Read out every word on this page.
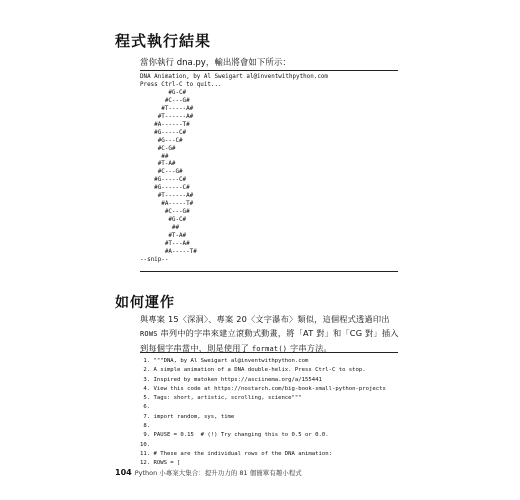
程式執行結果
當你執行 dna.py，輸出將會如下所示：
DNA Animation, by Al Sweigart al@inventwithpython.com
Press Ctrl-C to quit...
#G-C#
#C---G#
#T-----A#
#T------A#
#A------T#
#G-----C#
#G---C#
#C-G#
##
#T-A#
#C---G#
#G-----C#
#G------C#
#T------A#
#A-----T#
#C---G#
#G-C#
##
#T-A#
#T---A#
#A-----T#
--snip--
如何運作

與專案 15〈深洞〉、專案 20〈文字瀑布〉類似，這個程式透過印出 ROWS 串列中的字串來建立滾動式動畫，將「AT 對」和「CG 對」插入到每個字串當中，則是使用了 format() 字串方法。

1. """DNA, by Al Sweigart al@inventwithpython.com
2. A simple animation of a DNA double-helix. Press Ctrl-C to stop.
3. Inspired by matoken https://asciinema.org/a/155441
4. View this code at https://nostarch.com/big-book-small-python-projects
5. Tags: short, artistic, scrolling, science"""
6.
7. import random, sys, time
8.
9. PAUSE = 0.15  # (!) Try changing this to 0.5 or 0.0.
10.
11. # These are the individual rows of the DNA animation:
12. ROWS = [
104 Python 小專案大集合：提升功力的 81 個簡單有趣小程式
